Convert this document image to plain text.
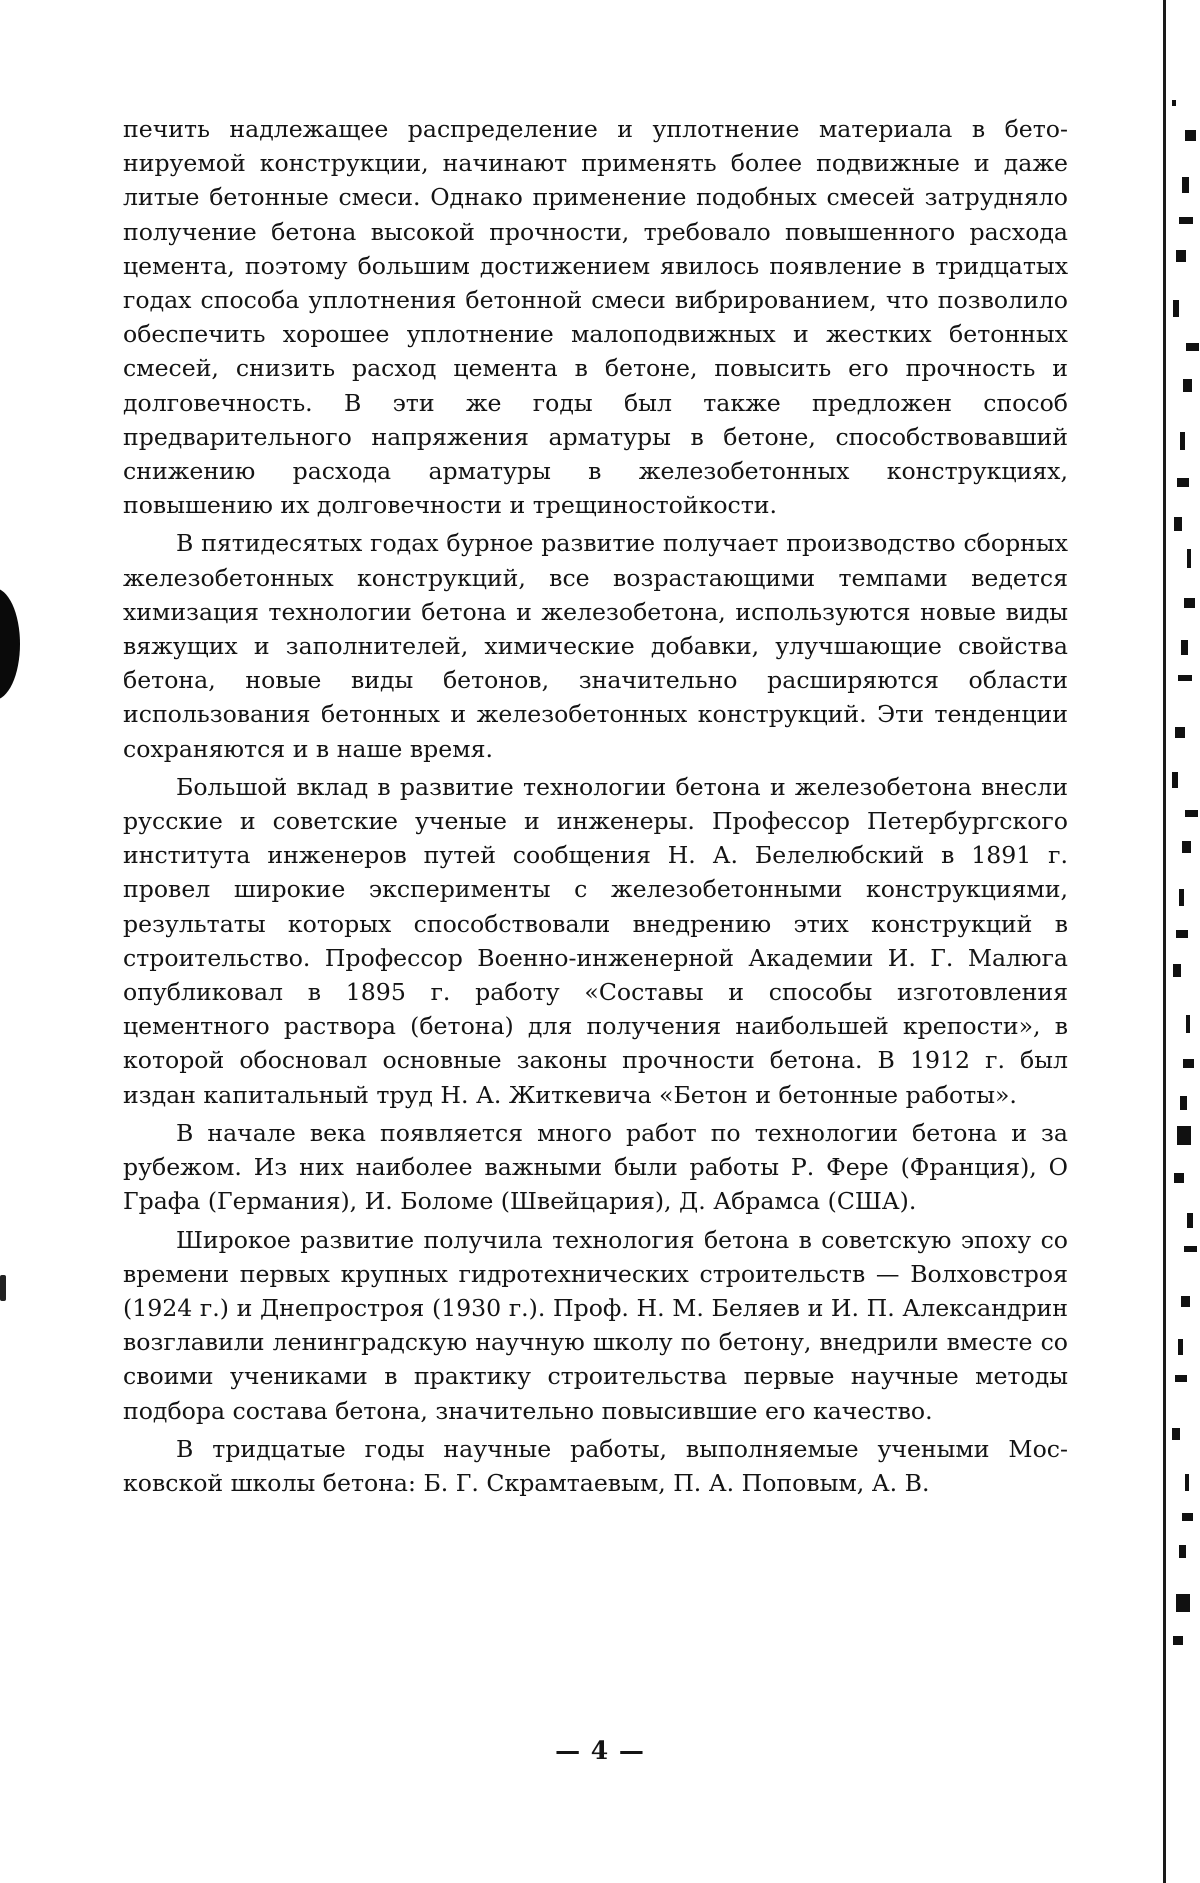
печить надлежащее распределение и уплотнение материала в бетонируемой конструкции, начинают применять более подвижные и даже литые бетонные смеси. Однако применение подобных смесей затрудняло получение бетона высокой прочности, требовало повышенного расхода цемента, поэтому большим достижением явилось появление в тридцатых годах способа уплотнения бетонной смеси вибрированием, что позволило обеспечить хорошее уплотнение малоподвижных и жестких бетонных смесей, снизить расход цемента в бетоне, повысить его прочность и долговечность. В эти же годы был также предложен способ предварительного напряжения арматуры в бетоне, способствовавший снижению расхода арматуры в железобетонных конструкциях, повышению их долговечности и трещиностойкости.

В пятидесятых годах бурное развитие получает производство сборных железобетонных конструкций, все возрастающими темпами ведется химизация технологии бетона и железобетона, используются новые виды вяжущих и заполнителей, химические добавки, улучшающие свойства бетона, новые виды бетонов, значительно расширяются области использования бетонных и железобетонных конструкций. Эти тенденции сохраняются и в наше время.

Большой вклад в развитие технологии бетона и железобетона внесли русские и советские ученые и инженеры. Профессор Петербургского института инженеров путей сообщения Н. А. Белелюбский в 1891 г. провел широкие эксперименты с железобетонными конструкциями, результаты которых способствовали внедрению этих конструкций в строительство. Профессор Военно-инженерной Академии И. Г. Малюга опубликовал в 1895 г. работу «Составы и способы изготовления цементного раствора (бетона) для получения наибольшей крепости», в которой обосновал основные законы прочности бетона. В 1912 г. был издан капитальный труд Н. А. Житкевича «Бетон и бетонные работы».

В начале века появляется много работ по технологии бетона и за рубежом. Из них наиболее важными были работы Р. Фере (Франция), О Графа (Германия), И. Боломе (Швейцария), Д. Абрамса (США).

Широкое развитие получила технология бетона в советскую эпоху со времени первых крупных гидротехнических строительств — Волховстроя (1924 г.) и Днепростроя (1930 г.). Проф. Н. М. Беляев и И. П. Александрин возглавили ленинградскую научную школу по бетону, внедрили вместе со своими учениками в практику строительства первые научные методы подбора состава бетона, значительно повысившие его качество.

В тридцатые годы научные работы, выполняемые учеными Московской школы бетона: Б. Г. Скрамтаевым, П. А. Поповым, А. В.

— 4 —
